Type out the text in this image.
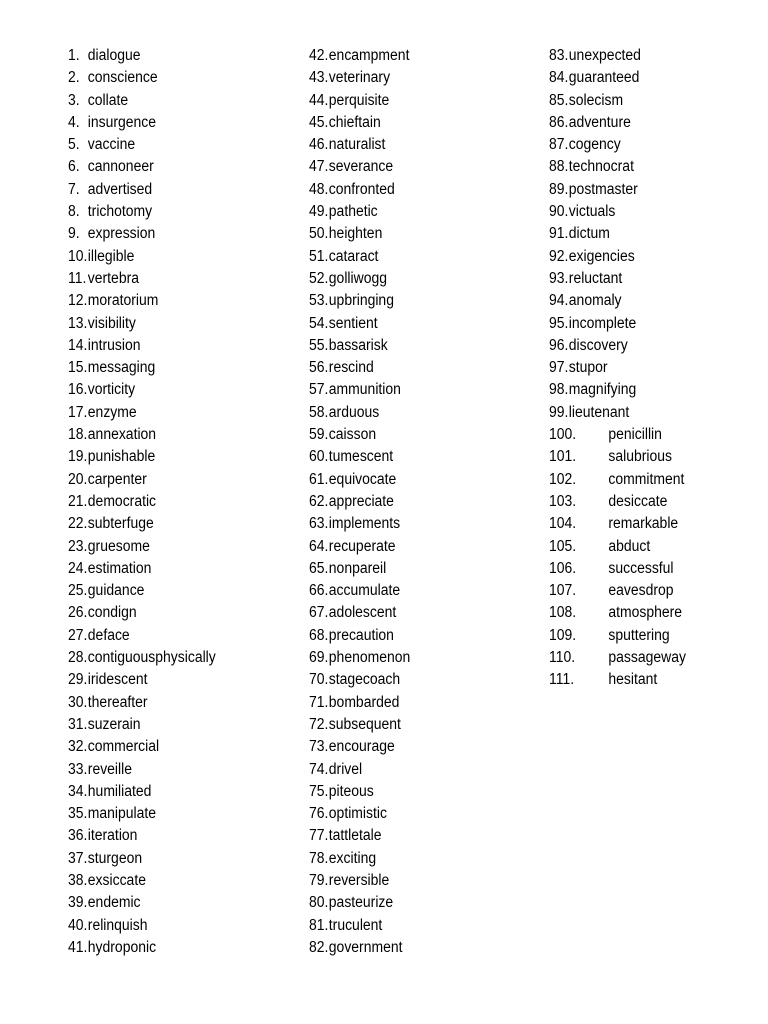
1. dialogue
2. conscience
3. collate
4. insurgence
5. vaccine
6. cannoneer
7. advertised
8. trichotomy
9. expression
10.illegible
11.vertebra
12.moratorium
13.visibility
14.intrusion
15.messaging
16.vorticity
17.enzyme
18.annexation
19.punishable
20.carpenter
21.democratic
22.subterfuge
23.gruesome
24.estimation
25.guidance
26.condign
27.deface
28.contiguousphysically
29.iridescent
30.thereafter
31.suzerain
32.commercial
33.reveille
34.humiliated
35.manipulate
36.iteration
37.sturgeon
38.exsiccate
39.endemic
40.relinquish
41.hydroponic
42.encampment
43.veterinary
44.perquisite
45.chieftain
46.naturalist
47.severance
48.confronted
49.pathetic
50.heighten
51.cataract
52.golliwogg
53.upbringing
54.sentient
55.bassarisk
56.rescind
57.ammunition
58.arduous
59.caisson
60.tumescent
61.equivocate
62.appreciate
63.implements
64.recuperate
65.nonpareil
66.accumulate
67.adolescent
68.precaution
69.phenomenon
70.stagecoach
71.bombarded
72.subsequent
73.encourage
74.drivel
75.piteous
76.optimistic
77.tattletale
78.exciting
79.reversible
80.pasteurize
81.truculent
82.government
83.unexpected
84.guaranteed
85.solecism
86.adventure
87.cogency
88.technocrat
89.postmaster
90.victuals
91.dictum
92.exigencies
93.reluctant
94.anomaly
95.incomplete
96.discovery
97.stupor
98.magnifying
99.lieutenant
100. penicillin
101. salubrious
102. commitment
103. desiccate
104. remarkable
105. abduct
106. successful
107. eavesdrop
108. atmosphere
109. sputtering
110. passageway
111. hesitant
